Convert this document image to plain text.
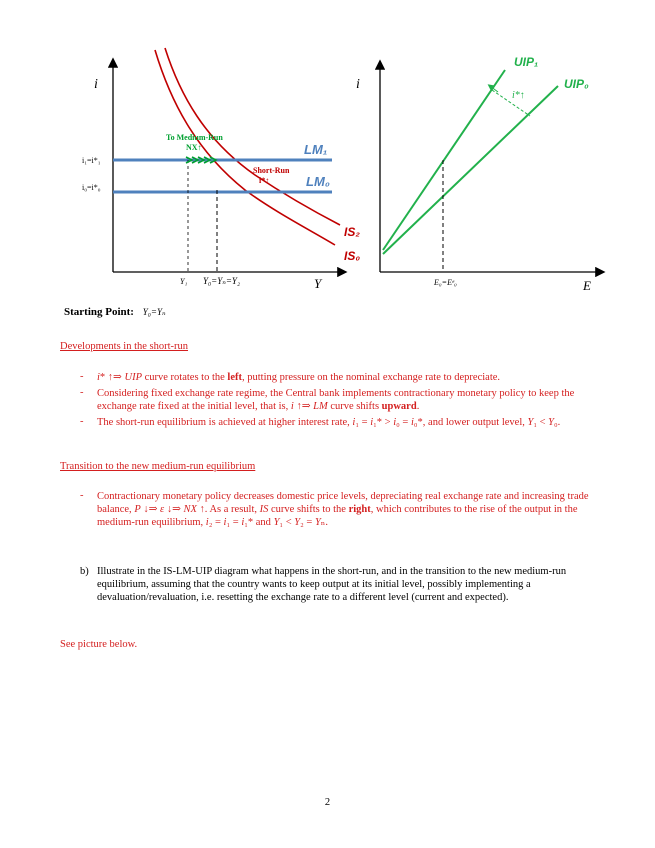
i
Y
LM₁
LM₀
IS₂
IS₀
i₁=i*₁
i₀=i*₀
To Medium-Run
NX↑
Short-Run
i*↑
Y₁ Y₀=Yₙ=Y₂
i
E
UIP₁
UIP₀
i*↑
E₀=Eᵉ₀
Starting Point: Y₀=Yₙ
Developments in the short-run
- i* ↑⇒ UIP curve rotates to the left, putting pressure on the nominal exchange rate to depreciate.
- Considering fixed exchange rate regime, the Central bank implements contractionary monetary policy to keep the exchange rate fixed at the initial level, that is, i ↑⇒ LM curve shifts upward.
- The short-run equilibrium is achieved at higher interest rate, i₁ = i₁* > i₀ = i₀*, and lower output level, Y₁ < Y₀.
Transition to the new medium-run equilibrium
- Contractionary monetary policy decreases domestic price levels, depreciating real exchange rate and increasing trade balance, P ↓⇒ ε ↓⇒ NX ↑. As a result, IS curve shifts to the right, which contributes to the rise of the output in the medium-run equilibrium, i₂ = i₁ = i₁* and Y₁ < Y₂ = Yₙ.
b) Illustrate in the IS-LM-UIP diagram what happens in the short-run, and in the transition to the new medium-run equilibrium, assuming that the country wants to keep output at its initial level, possibly implementing a devaluation/revaluation, i.e. resetting the exchange rate to a different level (current and expected).
See picture below.
2
